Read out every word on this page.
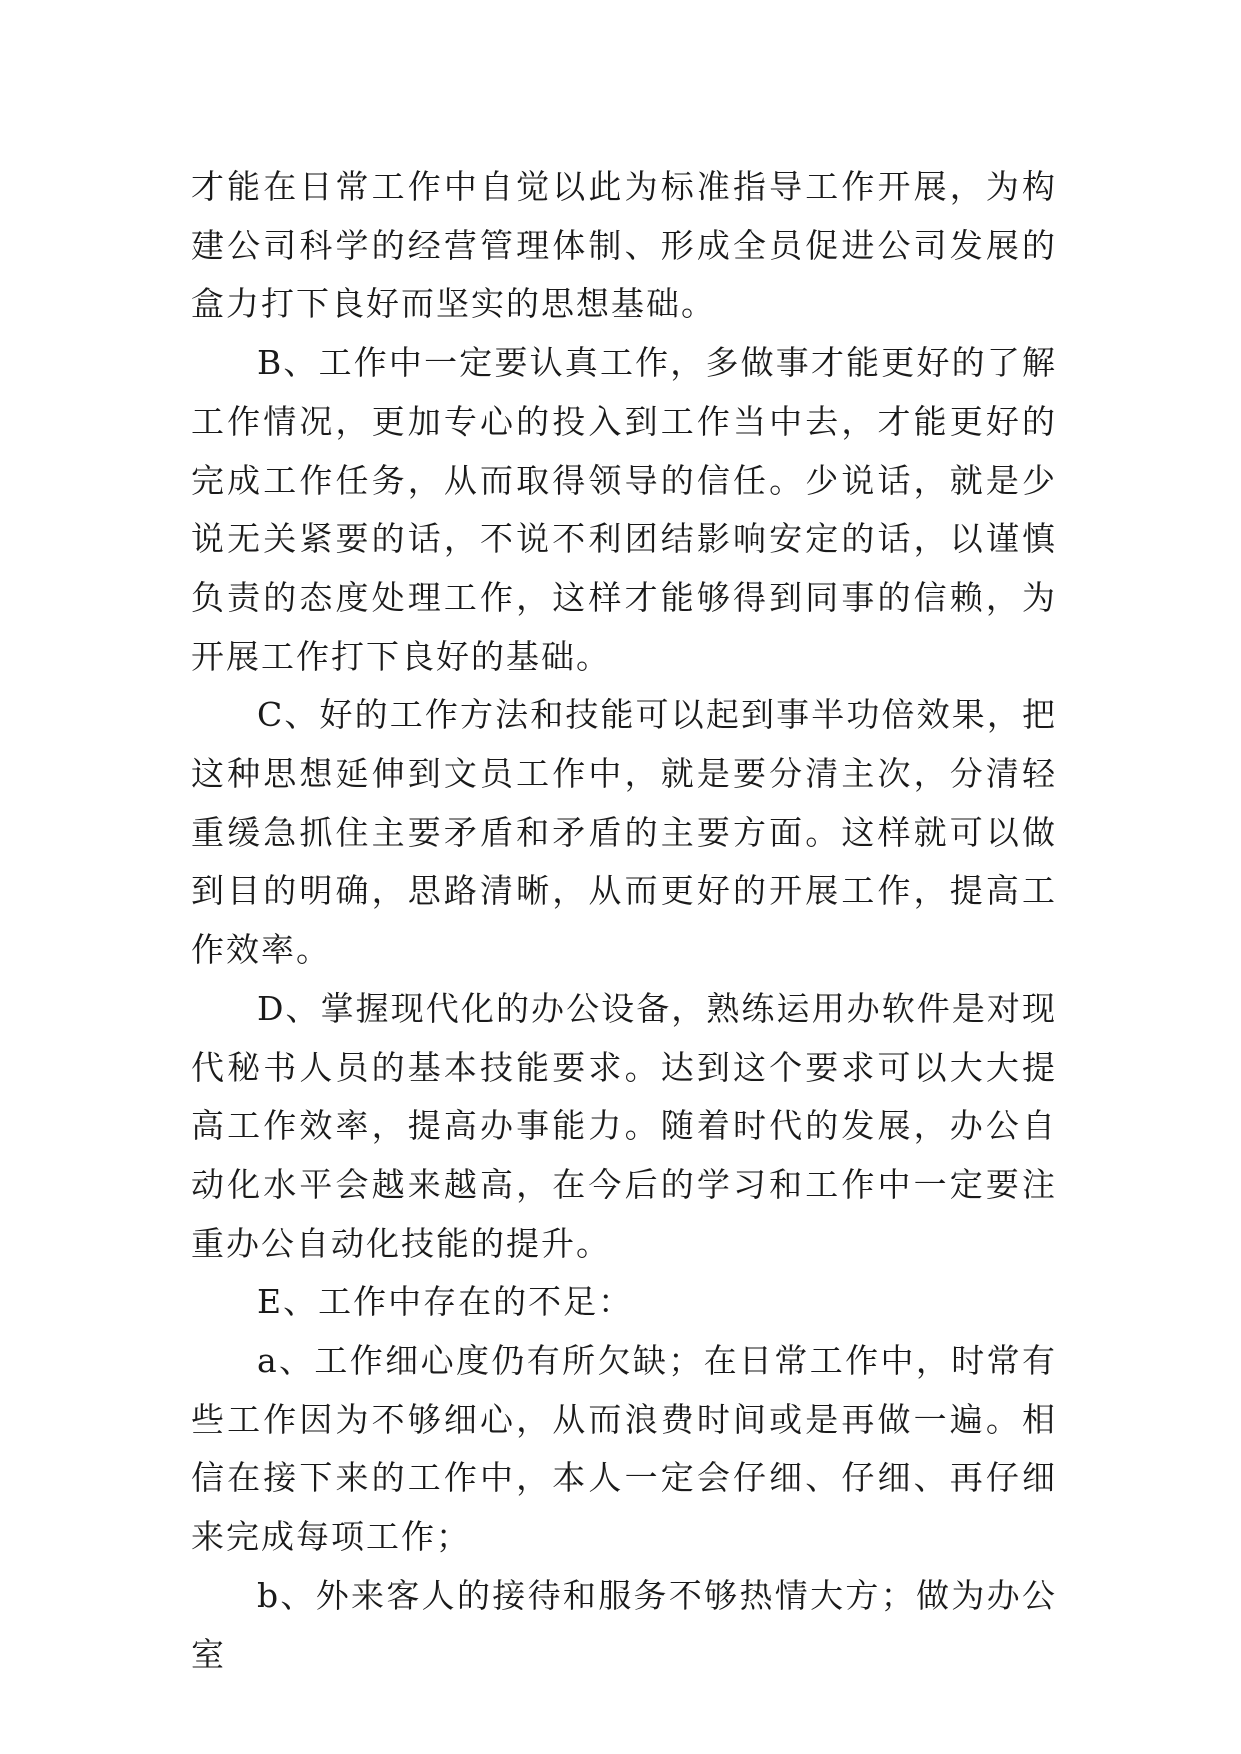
才能在日常工作中自觉以此为标准指导工作开展，为构建公司科学的经营管理体制、形成全员促进公司发展的盒力打下良好而坚实的思想基础。

B、工作中一定要认真工作，多做事才能更好的了解工作情况，更加专心的投入到工作当中去，才能更好的完成工作任务，从而取得领导的信任。少说话，就是少说无关紧要的话，不说不利团结影响安定的话，以谨慎负责的态度处理工作，这样才能够得到同事的信赖，为开展工作打下良好的基础。

C、好的工作方法和技能可以起到事半功倍效果，把这种思想延伸到文员工作中，就是要分清主次，分清轻重缓急抓住主要矛盾和矛盾的主要方面。这样就可以做到目的明确，思路清晰，从而更好的开展工作，提高工作效率。

D、掌握现代化的办公设备，熟练运用办软件是对现代秘书人员的基本技能要求。达到这个要求可以大大提高工作效率，提高办事能力。随着时代的发展，办公自动化水平会越来越高，在今后的学习和工作中一定要注重办公自动化技能的提升。

E、工作中存在的不足：

a、工作细心度仍有所欠缺；在日常工作中，时常有些工作因为不够细心，从而浪费时间或是再做一遍。相信在接下来的工作中，本人一定会仔细、仔细、再仔细来完成每项工作；

b、外来客人的接待和服务不够热情大方；做为办公室
